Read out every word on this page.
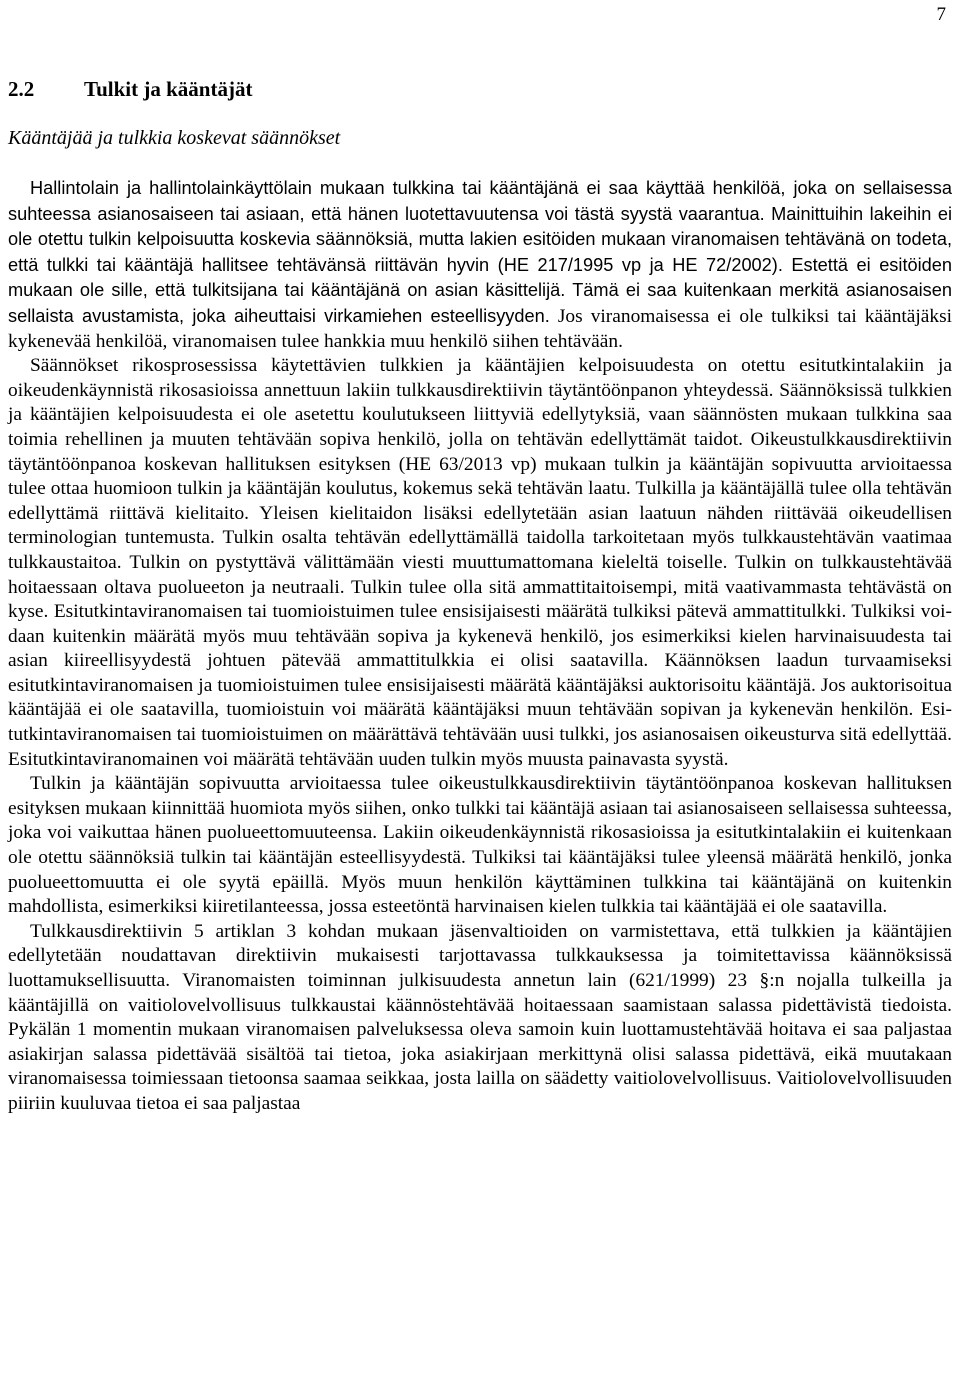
7
2.2	Tulkit ja kääntäjät
Kääntäjää ja tulkkia koskevat säännökset

Hallintolain ja hallintolainkäyttölain mukaan tulkkina tai kääntäjänä ei saa käyttää henkilöä, joka on sellaisessa suhteessa asianosaiseen tai asiaan, että hänen luotettavuutensa voi tästä syystä vaarantua. Mainittuihin lakeihin ei ole otettu tulkin kelpoisuutta koskevia säännöksiä, mutta lakien esitöiden mukaan viranomaisen tehtävänä on todeta, että tulkki tai kääntäjä hallitsee tehtävänsä riittävän hyvin (HE 217/1995 vp ja HE 72/2002). Estettä ei esitöiden mukaan ole sille, että tulkitsijana tai kääntäjänä on asian käsittelijä. Tämä ei saa kuitenkaan merkitä asianosaisen sellaista avustamista, joka aiheuttaisi virkamiehen esteellisyyden. Jos viranomaisessa ei ole tulkiksi tai kääntäjäksi kykenevää henkilöä, viranomaisen tulee hankkia muu henkilö siihen tehtävään.

Säännökset rikosprosessissa käytettävien tulkkien ja kääntäjien kelpoisuudesta on otettu esitutkintalakiin ja oikeudenkäynnistä rikosasioissa annettuun lakiin tulkkausdirektiivin täytäntöönpanon yhteydessä. Säännöksissä tulkkien ja kääntäjien kelpoisuudesta ei ole asetettu koulutukseen liittyviä edellytyksiä, vaan säännösten mukaan tulkkina saa toimia rehellinen ja muuten tehtävään sopiva henkilö, jolla on tehtävän edellyttämät taidot. Oikeustulkkausdirektiivin täytäntöönpanoa koskevan hallituksen esityksen (HE 63/2013 vp) mukaan tulkin ja kääntäjän sopivuutta arvioitaessa tulee ottaa huomioon tulkin ja kääntäjän koulutus, kokemus sekä tehtävän laatu. Tulkilla ja kääntäjällä tulee olla tehtävän edellyttämä riittävä kielitaito. Yleisen kielitaidon lisäksi edellytetään asian laatuun nähden riittävää oikeudellisen terminologian tuntemusta. Tulkin osalta tehtävän edellyttämällä taidolla tarkoitetaan myös tulkkaustehtävän vaatimaa tulkkaustaitoa. Tulkin on pystyttävä välittämään viesti muuttumattomana kieleltä toiselle. Tulkin on tulkkaustehtävää hoitaessaan oltava puolueeton ja neutraali. Tulkin tulee olla sitä ammattitaitoisempi, mitä vaativammasta tehtävästä on kyse. Esitutkintaviranomaisen tai tuomioistuimen tulee ensisijaisesti määrätä tulkiksi pätevä ammattitulkki. Tulkiksi voidaan kuitenkin määrätä myös muu tehtävään sopiva ja kykenevä henkilö, jos esimerkiksi kielen harvinaisuudesta tai asian kiireellisyydestä johtuen pätevää ammattitulkkia ei olisi saatavilla. Käännöksen laadun turvaamiseksi esitutkintaviranomaisen ja tuomioistuimen tulee ensisijaisesti määrätä kääntäjäksi auktorisoitu kääntäjä. Jos auktorisoitua kääntäjää ei ole saatavilla, tuomioistuin voi määrätä kääntäjäksi muun tehtävään sopivan ja kykenevän henkilön. Esitutkintaviranomaisen tai tuomioistuimen on määrättävä tehtävään uusi tulkki, jos asianosaisen oikeusturva sitä edellyttää. Esitutkintaviranomainen voi määrätä tehtävään uuden tulkin myös muusta painavasta syystä.

Tulkin ja kääntäjän sopivuutta arvioitaessa tulee oikeustulkkausdirektiivin täytäntöönpanoa koskevan hallituksen esityksen mukaan kiinnittää huomiota myös siihen, onko tulkki tai kääntäjä asiaan tai asianosaiseen sellaisessa suhteessa, joka voi vaikuttaa hänen puolueettomuuteensa. Lakiin oikeudenkäynnistä rikosasioissa ja esitutkintalakiin ei kuitenkaan ole otettu säännöksiä tulkin tai kääntäjän esteellisyydestä. Tulkiksi tai kääntäjäksi tulee yleensä määrätä henkilö, jonka puolueettomuutta ei ole syytä epäillä. Myös muun henkilön käyttäminen tulkkina tai kääntäjänä on kuitenkin mahdollista, esimerkiksi kiiretilanteessa, jossa esteetöntä harvinaisen kielen tulkkia tai kääntäjää ei ole saatavilla.

Tulkkausdirektiivin 5 artiklan 3 kohdan mukaan jäsenvaltioiden on varmistettava, että tulkkien ja kääntäjien edellytetään noudattavan direktiivin mukaisesti tarjottavassa tulkkauksessa ja toimitettavissa käännöksissä luottamuksellisuutta. Viranomaisten toiminnan julkisuudesta annetun lain (621/1999) 23 §:n nojalla tulkeilla ja kääntäjillä on vaitiolovelvollisuus tulkkaustai käännöstehtävää hoitaessaan saamistaan salassa pidettävistä tiedoista. Pykälän 1 momentin mukaan viranomaisen palveluksessa oleva samoin kuin luottamustehtävää hoitava ei saa paljastaa asiakirjan salassa pidettävää sisältöä tai tietoa, joka asiakirjaan merkittynä olisi salassa pidettävä, eikä muutakaan viranomaisessa toimiessaan tietoonsa saamaa seikkaa, josta lailla on säädetty vaitiolovelvollisuus. Vaitiolovelvollisuuden piiriin kuuluvaa tietoa ei saa paljastaa
